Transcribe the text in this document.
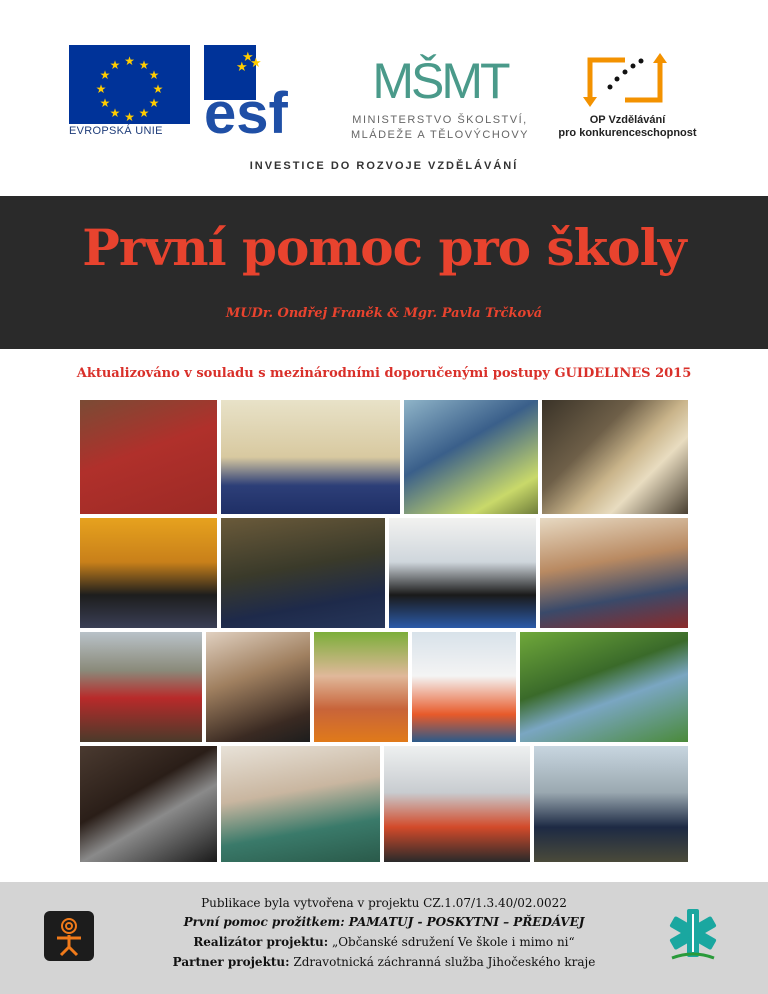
★ ★
★
★
★
★
★
★
★
★
★
★
EVROPSKÁ UNIE
★
★
★
esf MŠMT
MINISTERSTVO ŠKOLSTVÍ,
MLÁDEŽE A TĚLOVÝCHOVY
OP Vzdělávání
pro konkurenceschopnost
INVESTICE DO ROZVOJE VZDĚLÁVÁNÍ
První pomoc pro školy
MUDr. Ondřej Franěk & Mgr. Pavla Trčková
Aktualizováno v souladu s mezinárodními doporučenými postupy GUIDELINES 2015
Publikace byla vytvořena v projektu CZ.1.07/1.3.40/02.0022
První pomoc prožitkem: PAMATUJ - POSKYTNI – PŘEDÁVEJ
Realizátor projektu: „Občanské sdružení Ve škole i mimo ni“
Partner projektu: Zdravotnická záchranná služba Jihočeského kraje
